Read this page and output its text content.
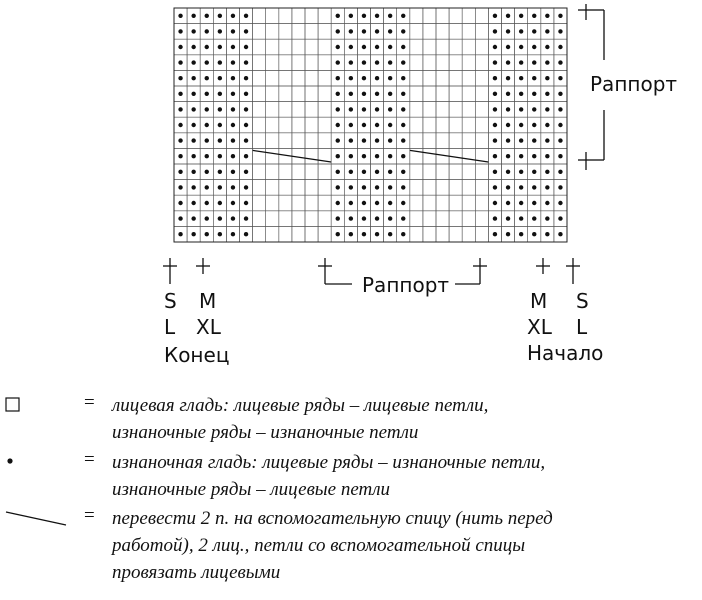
Раппорт
Раппорт
S M
L XL
Конец
M S
XL L
Начало
= лицевая гладь: лицевые ряды – лицевые петли,
изнаночные ряды – изнаночные петли
= изнаночная гладь: лицевые ряды – изнаночные петли,
изнаночные ряды – лицевые петли
= перевести 2 п. на вспомогательную спицу (нить перед
работой), 2 лиц., петли со вспомогательной спицы
провязать лицевыми
